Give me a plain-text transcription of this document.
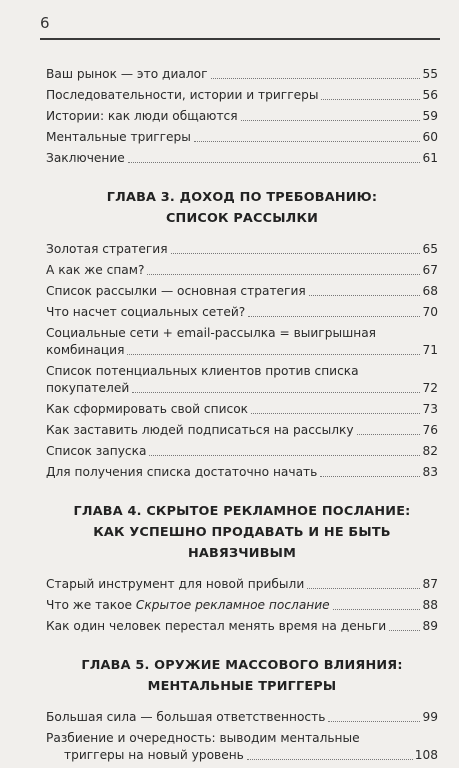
6
Ваш рынок — это диалог	55
Последовательности, истории и триггеры	56
Истории: как люди общаются	59
Ментальные триггеры	60
Заключение	61
ГЛАВА 3. ДОХОД ПО ТРЕБОВАНИЮ:
СПИСОК РАССЫЛКИ
Золотая стратегия	65
А как же спам?	67
Список рассылки — основная стратегия	68
Что насчет социальных сетей?	70
Социальные сети + email-рассылка = выигрышная
комбинация	71
Список потенциальных клиентов против списка
покупателей	72
Как сформировать свой список	73
Как заставить людей подписаться на рассылку	76
Список запуска	82
Для получения списка достаточно начать	83
ГЛАВА 4. СКРЫТОЕ РЕКЛАМНОЕ ПОСЛАНИЕ:
КАК УСПЕШНО ПРОДАВАТЬ И НЕ БЫТЬ НАВЯЗЧИВЫМ
Старый инструмент для новой прибыли	87
Что же такое Скрытое рекламное послание	88
Как один человек перестал менять время на деньги	89
ГЛАВА 5. ОРУЖИЕ МАССОВОГО ВЛИЯНИЯ:
МЕНТАЛЬНЫЕ ТРИГГЕРЫ
Большая сила — большая ответственность	99
Разбиение и очередность: выводим ментальные
триггеры на новый уровень	108
